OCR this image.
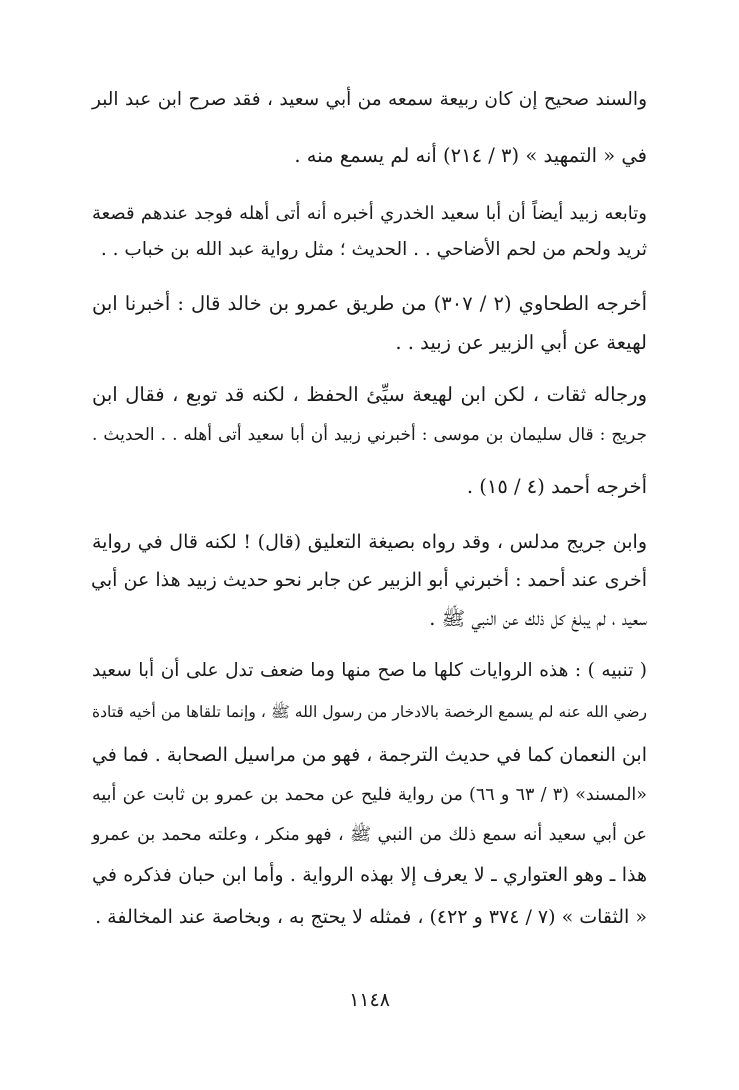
والسند صحيح إن كان ربيعة سمعه من أبي سعيد ، فقد صرح ابن عبد البر
في « التمهيد » (٣ / ٢١٤) أنه لم يسمع منه .
وتابعه زبيد أيضاً أن أبا سعيد الخدري أخبره أنه أتى أهله فوجد عندهم قصعة
ثريد ولحم من لحم الأضاحي . . الحديث ؛ مثل رواية عبد الله بن خباب . .
أخرجه الطحاوي (٢ / ٣٠٧) من طريق عمرو بن خالد قال : أخبرنا ابن
لهيعة عن أبي الزبير عن زبيد . .
ورجاله ثقات ، لكن ابن لهيعة سيِّئ الحفظ ، لكنه قد توبع ، فقال ابن
جريج : قال سليمان بن موسى : أخبرني زبيد أن أبا سعيد أتى أهله . . الحديث .
أخرجه أحمد (٤ / ١٥) .
وابن جريج مدلس ، وقد رواه بصيغة التعليق (قال) ! لكنه قال في رواية
أخرى عند أحمد : أخبرني أبو الزبير عن جابر نحو حديث زبيد هذا عن أبي
سعيد ، لم يبلغ كل ذلك عن النبي ﷺ .
( تنبيه ) : هذه الروايات كلها ما صح منها وما ضعف تدل على أن أبا سعيد
رضي الله عنه لم يسمع الرخصة بالادخار من رسول الله ﷺ ، وإنما تلقاها من أخيه قتادة
ابن النعمان كما في حديث الترجمة ، فهو من مراسيل الصحابة . فما في
«المسند» (٣ / ٦٣ و ٦٦) من رواية فليح عن محمد بن عمرو بن ثابت عن أبيه
عن أبي سعيد أنه سمع ذلك من النبي ﷺ ، فهو منكر ، وعلته محمد بن عمرو
هذا ـ وهو العتواري ـ لا يعرف إلا بهذه الرواية . وأما ابن حبان فذكره في
« الثقات » (٧ / ٣٧٤ و ٤٢٢) ، فمثله لا يحتج به ، وبخاصة عند المخالفة .
١١٤٨
